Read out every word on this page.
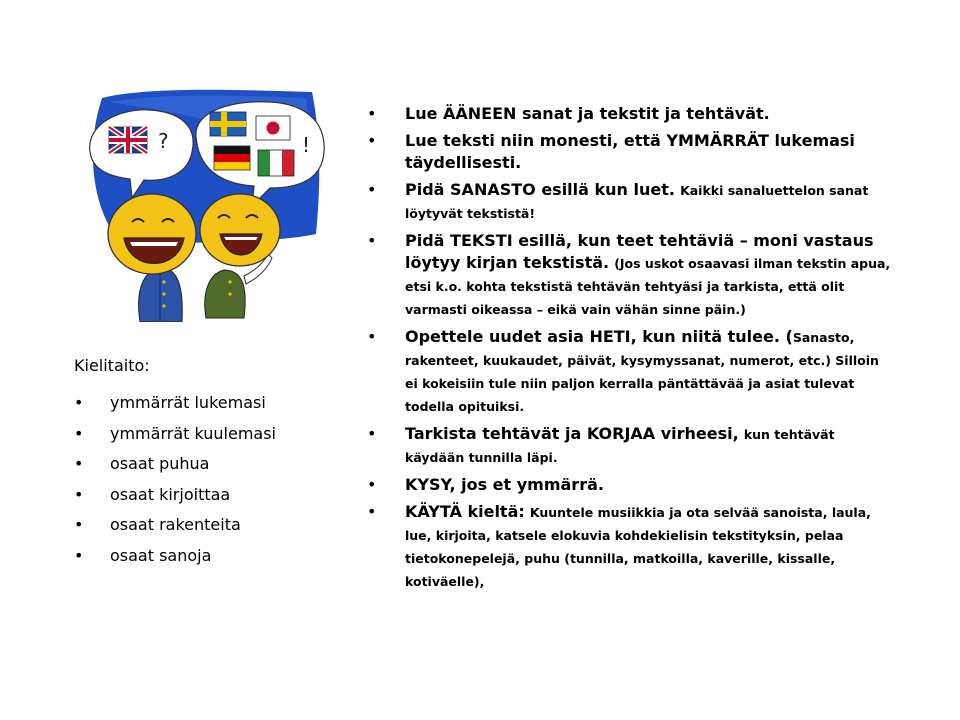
?	!
Kielitaito:
• ymmärrät lukemasi
• ymmärrät kuulemasi
• osaat puhua
• osaat kirjoittaa
• osaat rakenteita
• osaat sanoja
• Lue ÄÄNEEN sanat ja tekstit ja tehtävät.
• Lue teksti niin monesti, että YMMÄRRÄT lukemasi täydellisesti.
• Pidä SANASTO esillä kun luet. Kaikki sanaluettelon sanat löytyvät tekstistä!
• Pidä TEKSTI esillä, kun teet tehtäviä – moni vastaus löytyy kirjan tekstistä. (Jos uskot osaavasi ilman tekstin apua, etsi k.o. kohta tekstistä tehtävän tehtyäsi ja tarkista, että olit varmasti oikeassa – eikä vain vähän sinne päin.)
• Opettele uudet asia HETI, kun niitä tulee. (Sanasto, rakenteet, kuukaudet, päivät, kysymyssanat, numerot, etc.) Silloin ei kokeisiin tule niin paljon kerralla päntättävää ja asiat tulevat todella opituiksi.
• Tarkista tehtävät ja KORJAA virheesi, kun tehtävät käydään tunnilla läpi.
• KYSY, jos et ymmärrä.
• KÄYTÄ kieltä: Kuuntele musiikkia ja ota selvää sanoista, laula, lue, kirjoita, katsele elokuvia kohdekielisin tekstityksin, pelaa tietokonepelejä, puhu (tunnilla, matkoilla, kaverille, kissalle, kotiväelle),
